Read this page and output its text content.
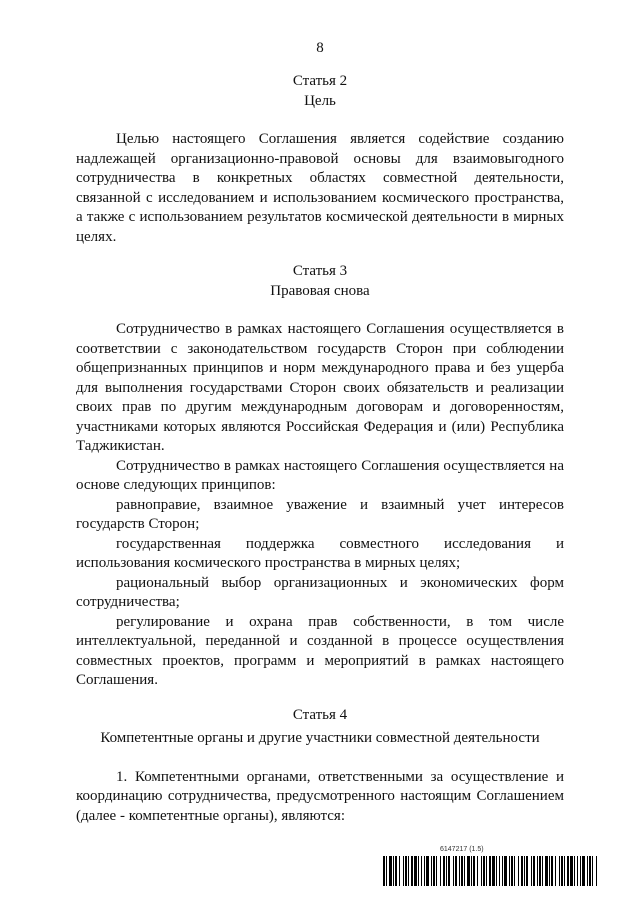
8

Статья 2

Цель

Целью настоящего Соглашения является содействие созданию надлежащей организационно-правовой основы для взаимовыгодного сотрудничества в конкретных областях совместной деятельности, связанной с исследованием и использованием космического пространства, а также с использованием результатов космической деятельности в мирных целях.

Статья 3

Правовая снова

Сотрудничество в рамках настоящего Соглашения осуществляется в соответствии с законодательством государств Сторон при соблюдении общепризнанных принципов и норм международного права и без ущерба для выполнения государствами Сторон своих обязательств и реализации своих прав по другим международным договорам и договоренностям, участниками которых являются Российская Федерация и (или) Республика Таджикистан.

Сотрудничество в рамках настоящего Соглашения осуществляется на основе следующих принципов:

равноправие, взаимное уважение и взаимный учет интересов государств Сторон;

государственная поддержка совместного исследования и использования космического пространства в мирных целях;

рациональный выбор организационных и экономических форм сотрудничества;

регулирование и охрана прав собственности, в том числе интеллектуальной, переданной и созданной в процессе осуществления совместных проектов, программ и мероприятий в рамках настоящего Соглашения.

Статья 4

Компетентные органы и другие участники совместной деятельности

1. Компетентными органами, ответственными за осуществление и координацию сотрудничества, предусмотренного настоящим Соглашением (далее - компетентные органы), являются:

6147217 (1.5)
